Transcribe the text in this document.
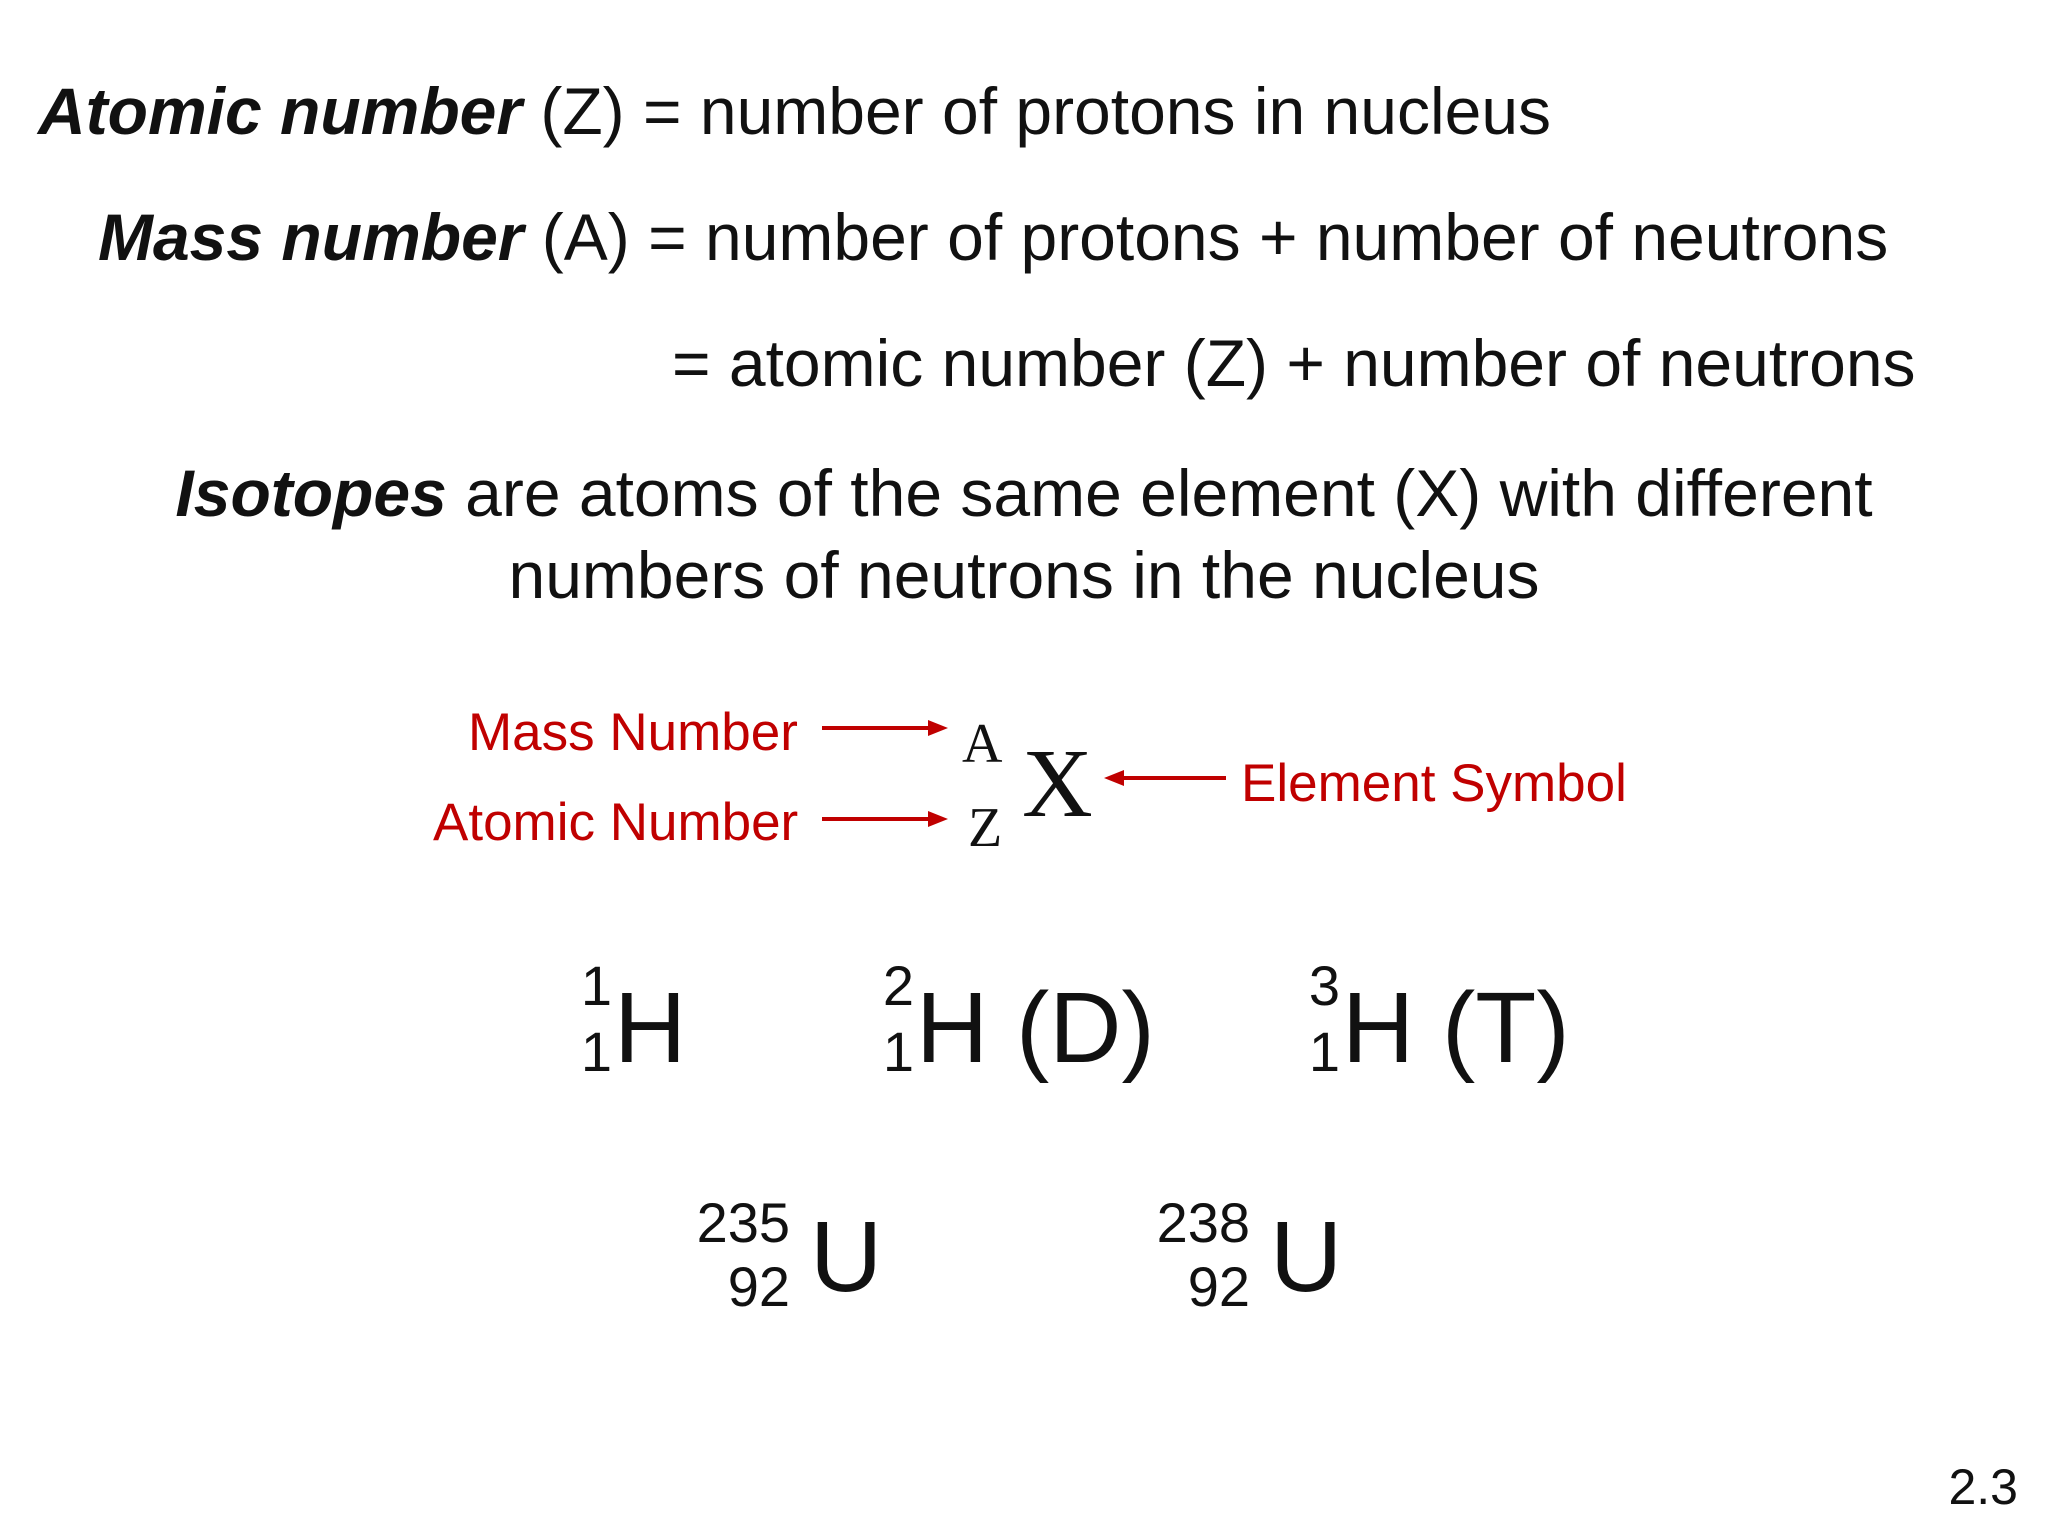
Atomic number (Z) = number of protons in nucleus
Mass number (A) = number of protons + number of neutrons
= atomic number (Z) + number of neutrons
Isotopes are atoms of the same element (X) with different
numbers of neutrons in the nucleus
Mass Number
Atomic Number
Element Symbol
A
Z X
1
1 H	2
1 H (D)	3
1 H (T)
235
92 U	238
92 U
2.3
